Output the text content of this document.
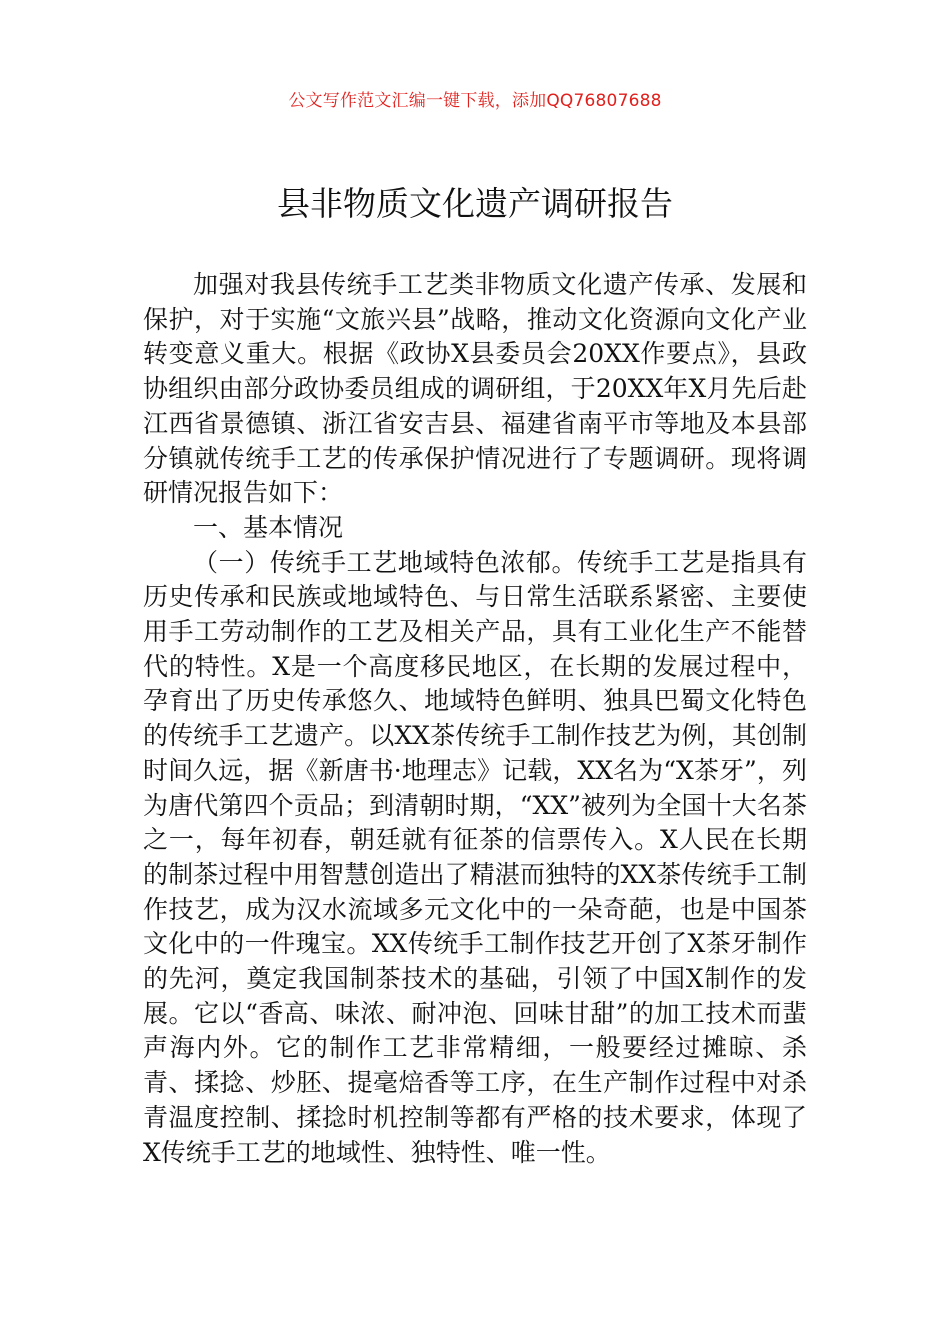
公文写作范文汇编一键下载，添加QQ76807688
县非物质文化遗产调研报告

加强对我县传统手工艺类非物质文化遗产传承、发展和保护，对于实施“文旅兴县”战略，推动文化资源向文化产业转变意义重大。根据《政协X县委员会20XX作要点》，县政协组织由部分政协委员组成的调研组，于20XX年X月先后赴江西省景德镇、浙江省安吉县、福建省南平市等地及本县部分镇就传统手工艺的传承保护情况进行了专题调研。现将调研情况报告如下：

一、基本情况

（一）传统手工艺地域特色浓郁。传统手工艺是指具有历史传承和民族或地域特色、与日常生活联系紧密、主要使用手工劳动制作的工艺及相关产品，具有工业化生产不能替代的特性。X是一个高度移民地区，在长期的发展过程中，孕育出了历史传承悠久、地域特色鲜明、独具巴蜀文化特色的传统手工艺遗产。以XX茶传统手工制作技艺为例，其创制时间久远，据《新唐书·地理志》记载，XX名为“X茶牙”，列为唐代第四个贡品；到清朝时期，“XX”被列为全国十大名茶之一，每年初春，朝廷就有征茶的信票传入。X人民在长期的制茶过程中用智慧创造出了精湛而独特的XX茶传统手工制作技艺，成为汉水流域多元文化中的一朵奇葩，也是中国茶文化中的一件瑰宝。XX传统手工制作技艺开创了X茶牙制作的先河，奠定我国制茶技术的基础，引领了中国X制作的发展。它以“香高、味浓、耐冲泡、回味甘甜”的加工技术而蜚声海内外。它的制作工艺非常精细，一般要经过摊晾、杀青、揉捻、炒胚、提毫焙香等工序，在生产制作过程中对杀青温度控制、揉捻时机控制等都有严格的技术要求，体现了X传统手工艺的地域性、独特性、唯一性。
